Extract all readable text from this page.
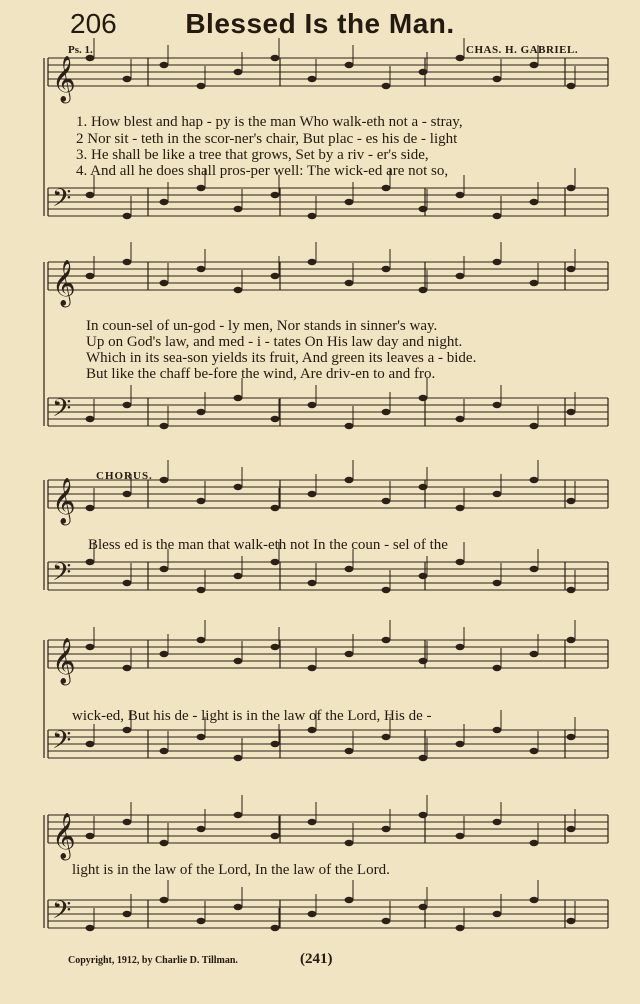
𝄞
𝄢
𝄞
𝄢
𝄞
𝄢
𝄞
𝄢
𝄞
𝄢
206	Blessed Is the Man.
Ps. 1.	CHAS. H. GABRIEL.
1. How blest and hap - py is the man Who walk-eth not a - stray,
2 Nor sit - teth in the scor-ner's chair, But plac - es his de - light
3. He shall be like a tree that grows, Set by a riv - er's side,
4. And all he does shall pros-per well: The wick-ed are not so,
In coun-sel of un-god - ly men, Nor stands in sinner's way.
Up on God's law, and med - i - tates On His law day and night.
Which in its sea-son yields its fruit, And green its leaves a - bide.
But like the chaff be-fore the wind, Are driv-en to and fro.
CHORUS.
Bless ed is the man that walk-eth not In the coun - sel of the
wick-ed, But his de - light is in the law of the Lord, His de -
light is in the law of the Lord, In the law of the Lord.
Copyright, 1912, by Charlie D. Tillman.	(241)
